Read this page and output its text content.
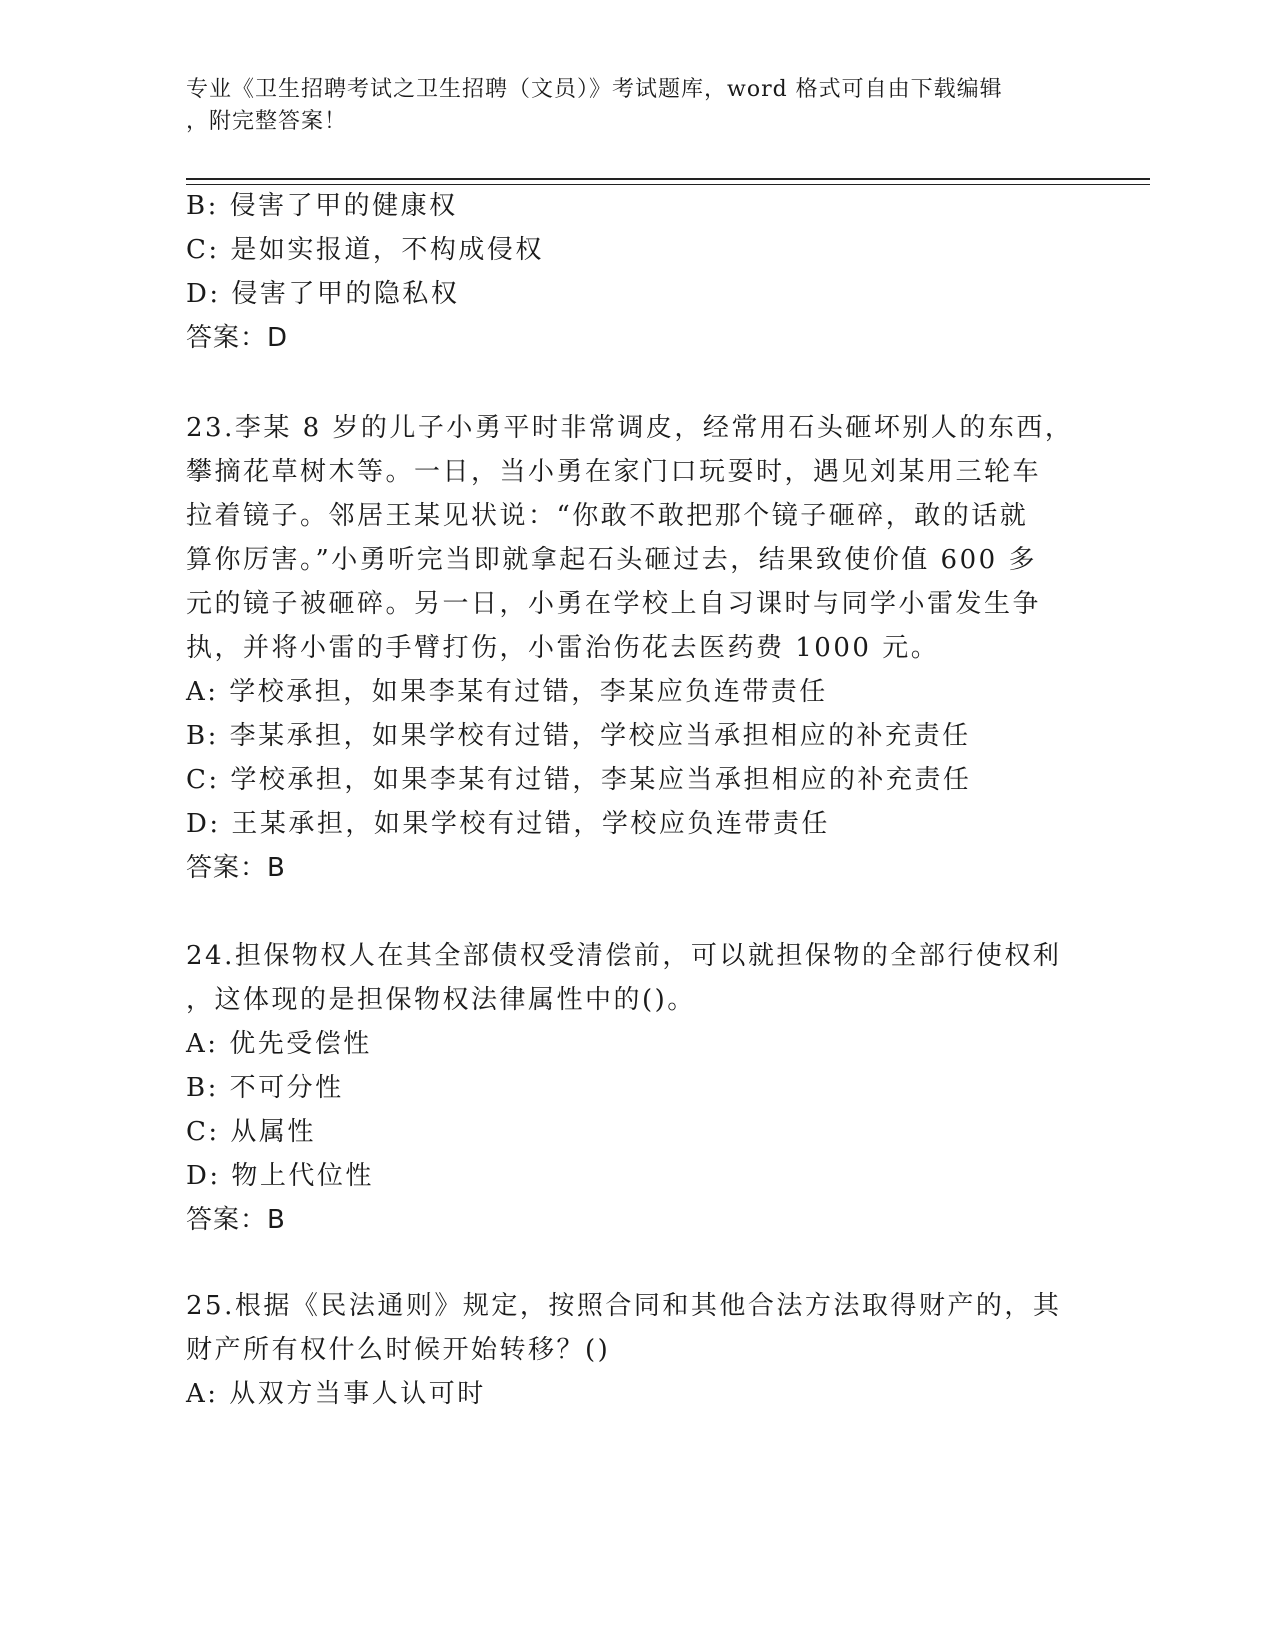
专业《卫生招聘考试之卫生招聘（文员）》考试题库，word 格式可自由下载编辑
，附完整答案！
B: 侵害了甲的健康权
C: 是如实报道，不构成侵权
D: 侵害了甲的隐私权
答案：D
23.李某 8 岁的儿子小勇平时非常调皮，经常用石头砸坏别人的东西，
攀摘花草树木等。一日，当小勇在家门口玩耍时，遇见刘某用三轮车
拉着镜子。邻居王某见状说：“你敢不敢把那个镜子砸碎，敢的话就
算你厉害。”小勇听完当即就拿起石头砸过去，结果致使价值 600 多
元的镜子被砸碎。另一日，小勇在学校上自习课时与同学小雷发生争
执，并将小雷的手臂打伤，小雷治伤花去医药费 1000 元。
A: 学校承担，如果李某有过错，李某应负连带责任
B: 李某承担，如果学校有过错，学校应当承担相应的补充责任
C: 学校承担，如果李某有过错，李某应当承担相应的补充责任
D: 王某承担，如果学校有过错，学校应负连带责任
答案：B
24.担保物权人在其全部债权受清偿前，可以就担保物的全部行使权利
，这体现的是担保物权法律属性中的()。
A: 优先受偿性
B: 不可分性
C: 从属性
D: 物上代位性
答案：B
25.根据《民法通则》规定，按照合同和其他合法方法取得财产的，其
财产所有权什么时候开始转移？()
A: 从双方当事人认可时
